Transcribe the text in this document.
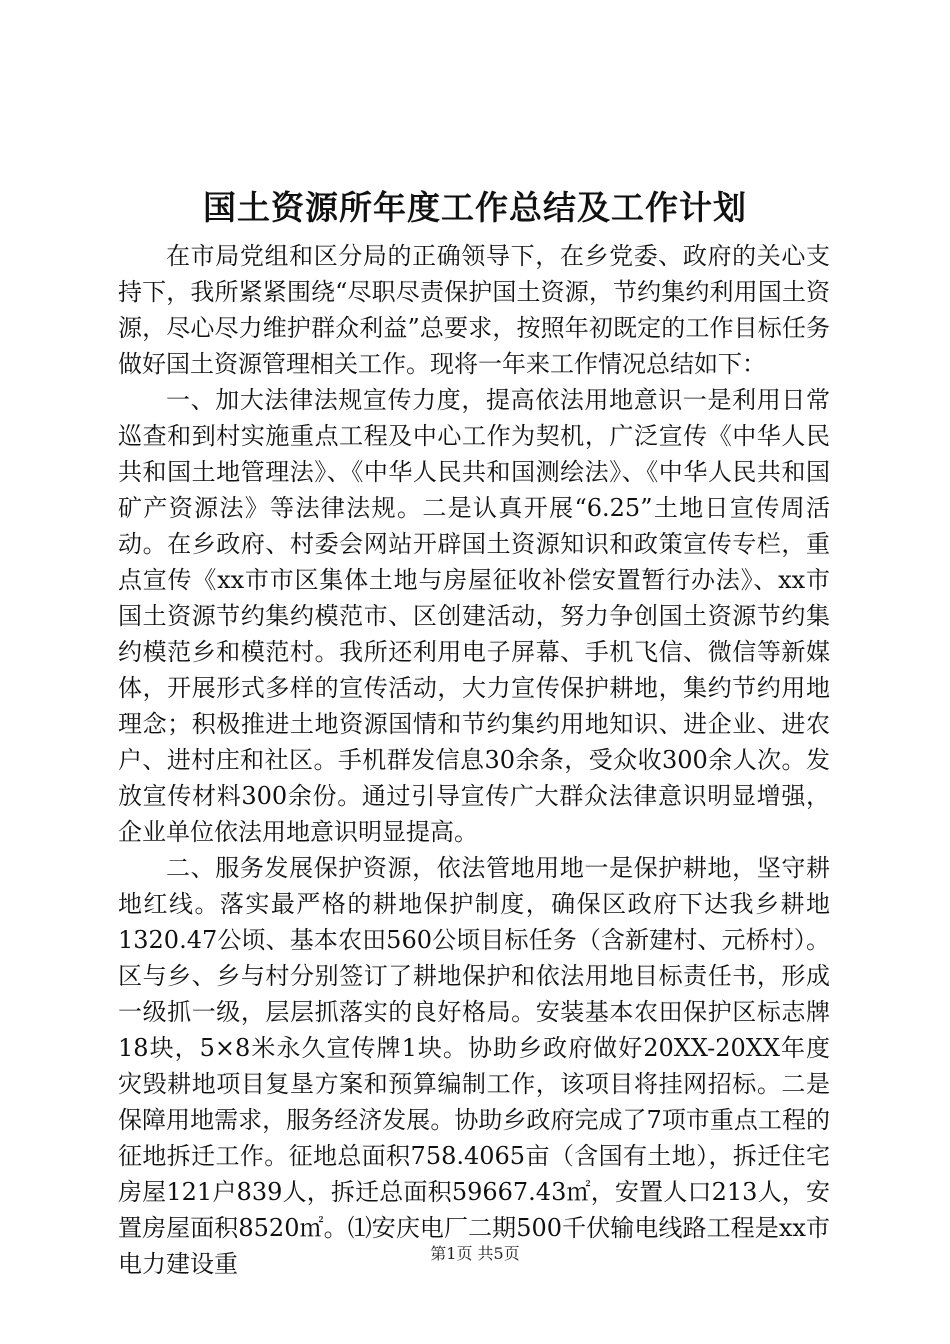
国土资源所年度工作总结及工作计划

在市局党组和区分局的正确领导下，在乡党委、政府的关心支持下，我所紧紧围绕“尽职尽责保护国土资源，节约集约利用国土资源，尽心尽力维护群众利益”总要求，按照年初既定的工作目标任务做好国土资源管理相关工作。现将一年来工作情况总结如下：

一、加大法律法规宣传力度，提高依法用地意识一是利用日常巡查和到村实施重点工程及中心工作为契机，广泛宣传《中华人民共和国土地管理法》、《中华人民共和国测绘法》、《中华人民共和国矿产资源法》等法律法规。二是认真开展“6.25”土地日宣传周活动。在乡政府、村委会网站开辟国土资源知识和政策宣传专栏，重点宣传《xx市市区集体土地与房屋征收补偿安置暂行办法》、xx市国土资源节约集约模范市、区创建活动，努力争创国土资源节约集约模范乡和模范村。我所还利用电子屏幕、手机飞信、微信等新媒体，开展形式多样的宣传活动，大力宣传保护耕地，集约节约用地理念；积极推进土地资源国情和节约集约用地知识、进企业、进农户、进村庄和社区。手机群发信息30余条，受众收300余人次。发放宣传材料300余份。通过引导宣传广大群众法律意识明显增强，企业单位依法用地意识明显提高。

二、服务发展保护资源，依法管地用地一是保护耕地，坚守耕地红线。落实最严格的耕地保护制度，确保区政府下达我乡耕地1320.47公顷、基本农田560公顷目标任务（含新建村、元桥村）。区与乡、乡与村分别签订了耕地保护和依法用地目标责任书，形成一级抓一级，层层抓落实的良好格局。安装基本农田保护区标志牌18块，5×8米永久宣传牌1块。协助乡政府做好20XX-20XX年度灾毁耕地项目复垦方案和预算编制工作，该项目将挂网招标。二是保障用地需求，服务经济发展。协助乡政府完成了7项市重点工程的征地拆迁工作。征地总面积758.4065亩（含国有土地），拆迁住宅房屋121户839人，拆迁总面积59667.43㎡，安置人口213人，安置房屋面积8520㎡。⑴安庆电厂二期500千伏输电线路工程是xx市电力建设重	第1页 共5页
